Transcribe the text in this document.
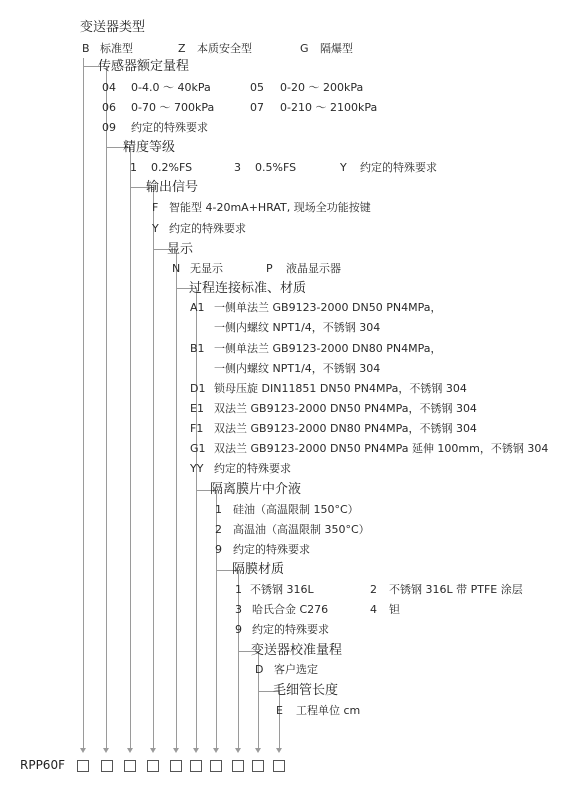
变送器类型
B 标准型	Z 本质安全型	G 隔爆型
传感器额定量程
04 0-4.0 ～ 40kPa	05 0-20 ～ 200kPa
06 0-70 ～ 700kPa	07 0-210 ～ 2100kPa
09 约定的特殊要求
精度等级
1 0.2%FS	3 0.5%FS	Y 约定的特殊要求
输出信号
F 智能型 4-20mA+HRAT, 现场全功能按键
Y 约定的特殊要求
显示
N 无显示	P 液晶显示器
过程连接标准、材质
A1 一侧单法兰 GB9123-2000 DN50 PN4MPa，
一侧内螺纹 NPT1/4，不锈钢 304
B1 一侧单法兰 GB9123-2000 DN80 PN4MPa，
一侧内螺纹 NPT1/4，不锈钢 304
D1 锁母压旋 DIN11851 DN50 PN4MPa，不锈钢 304
E1 双法兰 GB9123-2000 DN50 PN4MPa，不锈钢 304
F1 双法兰 GB9123-2000 DN80 PN4MPa，不锈钢 304
G1 双法兰 GB9123-2000 DN50 PN4MPa 延伸 100mm，不锈钢 304
YY 约定的特殊要求
隔离膜片中介液
1 硅油（高温限制 150°C）
2 高温油（高温限制 350°C）
9 约定的特殊要求
隔膜材质
1 不锈钢 316L	2 不锈钢 316L 带 PTFE 涂层
3 哈氏合金 C276	4 钽
9 约定的特殊要求
变送器校准量程
D 客户选定
毛细管长度
E 工程单位 cm
RPP60F
